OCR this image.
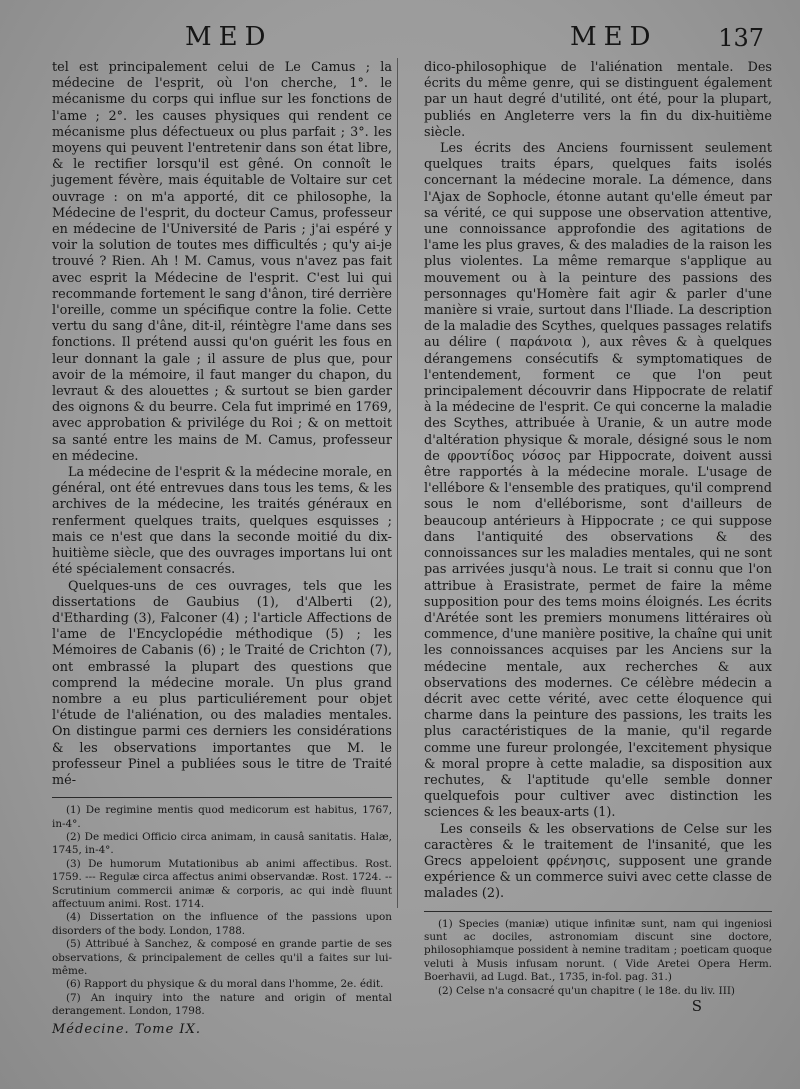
MED	MED	137

tel est principalement celui de Le Camus ; la médecine de l'esprit, où l'on cherche, 1°. le mécanisme du corps qui influe sur les fonctions de l'ame ; 2°. les causes physiques qui rendent ce mécanisme plus défectueux ou plus parfait ; 3°. les moyens qui peuvent l'entretenir dans son état libre, & le rectifier lorsqu'il est gêné. On connoît le jugement févère, mais équitable de Voltaire sur cet ouvrage : on m'a apporté, dit ce philosophe, la Médecine de l'esprit, du docteur Camus, professeur en médecine de l'Université de Paris ; j'ai espéré y voir la solution de toutes mes difficultés ; qu'y ai-je trouvé ? Rien. Ah ! M. Camus, vous n'avez pas fait avec esprit la Médecine de l'esprit. C'est lui qui recommande fortement le sang d'ânon, tiré derrière l'oreille, comme un spécifique contre la folie. Cette vertu du sang d'âne, dit-il, réintègre l'ame dans ses fonctions. Il prétend aussi qu'on guérit les fous en leur donnant la gale ; il assure de plus que, pour avoir de la mémoire, il faut manger du chapon, du levraut & des alouettes ; & surtout se bien garder des oignons & du beurre. Cela fut imprimé en 1769, avec approbation & privilége du Roi ; & on mettoit sa santé entre les mains de M. Camus, professeur en médecine.

La médecine de l'esprit & la médecine morale, en général, ont été entrevues dans tous les tems, & les archives de la médecine, les traités généraux en renferment quelques traits, quelques esquisses ; mais ce n'est que dans la seconde moitié du dix-huitième siècle, que des ouvrages importans lui ont été spécialement consacrés.

Quelques-uns de ces ouvrages, tels que les dissertations de Gaubius (1), d'Alberti (2), d'Etharding (3), Falconer (4) ; l'article Affections de l'ame de l'Encyclopédie méthodique (5) ; les Mémoires de Cabanis (6) ; le Traité de Crichton (7), ont embrassé la plupart des questions que comprend la médecine morale. Un plus grand nombre a eu plus particuliérement pour objet l'étude de l'aliénation, ou des maladies mentales. On distingue parmi ces derniers les considérations & les observations importantes que M. le professeur Pinel a publiées sous le titre de Traité mé-

(1) De regimine mentis quod medicorum est habitus, 1767, in-4°.

(2) De medici Officio circa animam, in causâ sanitatis. Halæ, 1745, in-4°.

(3) De humorum Mutationibus ab animi affectibus. Rost. 1759. --- Regulæ circa affectus animi observandæ. Rost. 1724. -- Scrutinium commercii animæ & corporis, ac qui indè fluunt affectuum animi. Rost. 1714.

(4) Dissertation on the influence of the passions upon disorders of the body. London, 1788.

(5) Attribué à Sanchez, & composé en grande partie de ses observations, & principalement de celles qu'il a faites sur lui-même.

(6) Rapport du physique & du moral dans l'homme, 2e. édit.

(7) An inquiry into the nature and origin of mental derangement. London, 1798.

Médecine. Tome IX.

dico-philosophique de l'aliénation mentale. Des écrits du même genre, qui se distinguent également par un haut degré d'utilité, ont été, pour la plupart, publiés en Angleterre vers la fin du dix-huitième siècle.

Les écrits des Anciens fournissent seulement quelques traits épars, quelques faits isolés concernant la médecine morale. La démence, dans l'Ajax de Sophocle, étonne autant qu'elle émeut par sa vérité, ce qui suppose une observation attentive, une connoissance approfondie des agitations de l'ame les plus graves, & des maladies de la raison les plus violentes. La même remarque s'applique au mouvement ou à la peinture des passions des personnages qu'Homère fait agir & parler d'une manière si vraie, surtout dans l'Iliade. La description de la maladie des Scythes, quelques passages relatifs au délire ( παράνοια ), aux rêves & à quelques dérangemens consécutifs & symptomatiques de l'entendement, forment ce que l'on peut principalement découvrir dans Hippocrate de relatif à la médecine de l'esprit. Ce qui concerne la maladie des Scythes, attribuée à Uranie, & un autre mode d'altération physique & morale, désigné sous le nom de φροντίδος νόσος par Hippocrate, doivent aussi être rapportés à la médecine morale. L'usage de l'ellébore & l'ensemble des pratiques, qu'il comprend sous le nom d'elléborisme, sont d'ailleurs de beaucoup antérieurs à Hippocrate ; ce qui suppose dans l'antiquité des observations & des connoissances sur les maladies mentales, qui ne sont pas arrivées jusqu'à nous. Le trait si connu que l'on attribue à Erasistrate, permet de faire la même supposition pour des tems moins éloignés. Les écrits d'Arétée sont les premiers monumens littéraires où commence, d'une manière positive, la chaîne qui unit les connoissances acquises par les Anciens sur la médecine mentale, aux recherches & aux observations des modernes. Ce célèbre médecin a décrit avec cette vérité, avec cette éloquence qui charme dans la peinture des passions, les traits les plus caractéristiques de la manie, qu'il regarde comme une fureur prolongée, l'excitement physique & moral propre à cette maladie, sa disposition aux rechutes, & l'aptitude qu'elle semble donner quelquefois pour cultiver avec distinction les sciences & les beaux-arts (1).

Les conseils & les observations de Celse sur les caractères & le traitement de l'insanité, que les Grecs appeloient φρένησις, supposent une grande expérience & un commerce suivi avec cette classe de malades (2).

(1) Species (maniæ) utique infinitæ sunt, nam qui ingeniosi sunt ac dociles, astronomiam discunt sine doctore, philosophiamque possident à nemine traditam ; poeticam quoque veluti à Musis infusam norunt. ( Vide Aretei Opera Herm. Boerhavii, ad Lugd. Bat., 1735, in-fol. pag. 31.)

(2) Celse n'a consacré qu'un chapitre ( le 18e. du liv. III)

S
